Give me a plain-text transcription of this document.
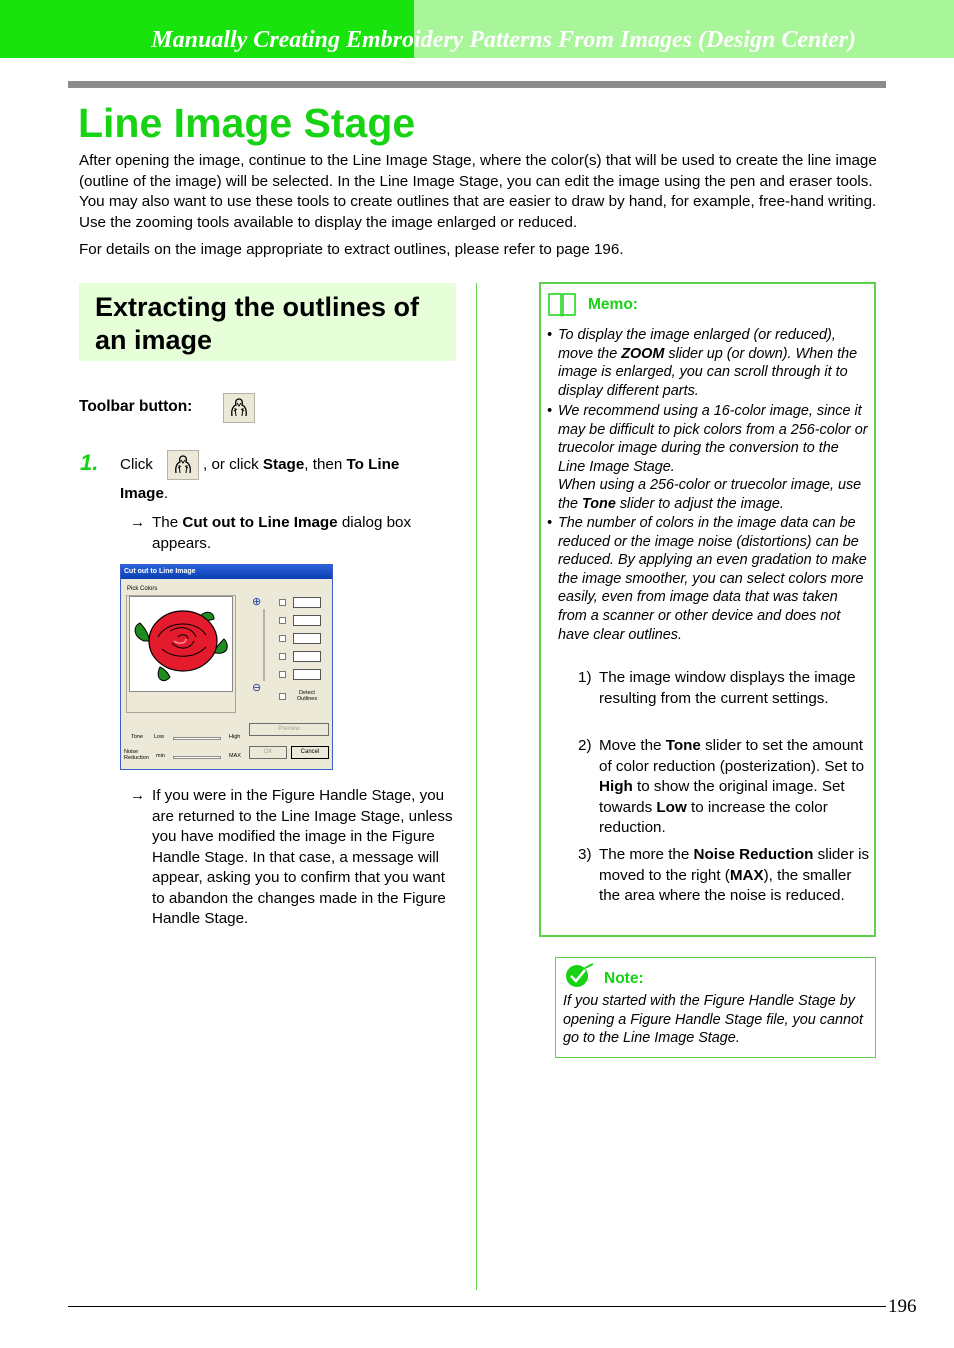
Manually Creating Embroidery Patterns From Images (Design Center)
Line Image Stage

After opening the image, continue to the Line Image Stage, where the color(s) that will be used to create the line image (outline of the image) will be selected. In the Line Image Stage, you can edit the image using the pen and eraser tools. You may also want to use these tools to create outlines that are easier to draw by hand, for example, free-hand writing. Use the zooming tools available to display the image enlarged or reduced.

For details on the image appropriate to extract outlines, please refer to page 196.

Extracting the outlines of an image
Toolbar button:
1. Click	, or click Stage, then To Line
Image.
→ The Cut out to Line Image dialog box appears.
Cut out to Line Image
Pick Colors
⊕
⊖	Detect Outlines
Tone Low	High
Noise Reduction	min	MAX
Preview
OK	Cancel
→ If you were in the Figure Handle Stage, you are returned to the Line Image Stage, unless you have modified the image in the Figure Handle Stage. In that case, a message will appear, asking you to confirm that you want to abandon the changes made in the Figure Handle Stage.
Memo:
• To display the image enlarged (or reduced), move the ZOOM slider up (or down). When the image is enlarged, you can scroll through it to display different parts.
• We recommend using a 16-color image, since it may be difficult to pick colors from a 256-color or truecolor image during the conversion to the Line Image Stage.
When using a 256-color or truecolor image, use the Tone slider to adjust the image.
• The number of colors in the image data can be reduced or the image noise (distortions) can be reduced. By applying an even gradation to make the image smoother, you can select colors more easily, even from image data that was taken from a scanner or other device and does not have clear outlines.
1) The image window displays the image resulting from the current settings.
2) Move the Tone slider to set the amount of color reduction (posterization). Set to High to show the original image. Set towards Low to increase the color reduction.
3) The more the Noise Reduction slider is moved to the right (MAX), the smaller the area where the noise is reduced.
Note:
If you started with the Figure Handle Stage by opening a Figure Handle Stage file, you cannot go to the Line Image Stage.
196
